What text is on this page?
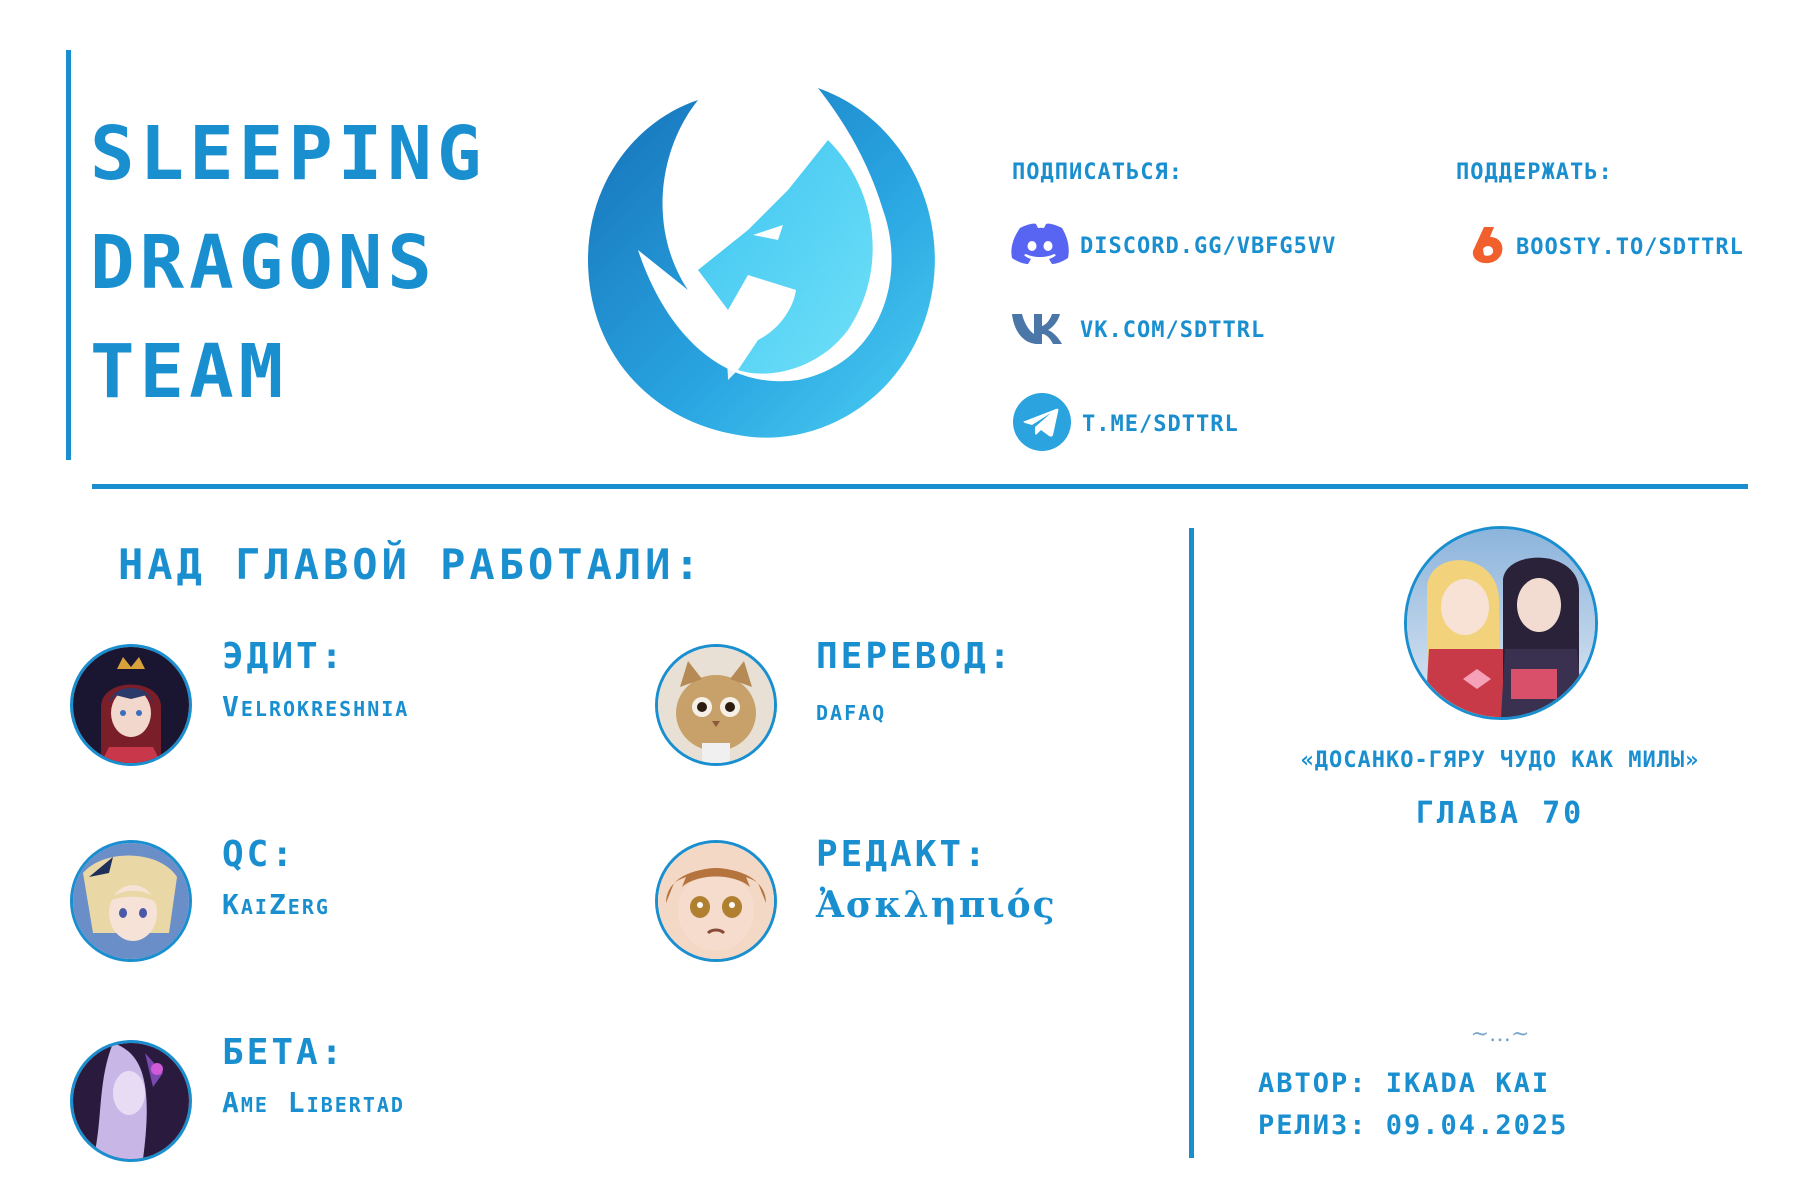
SLEEPING
DRAGONS
TEAM
ПОДПИСАТЬСЯ:	ПОДДЕРЖАТЬ:
DISCORD.GG/VBFG5VV
VK.COM/SDTTRL
T.ME/SDTTRL
BOOSTY.TO/SDTTRL
НАД ГЛАВОЙ РАБОТАЛИ:
ЭДИТ:
Velrokreshnia
ПЕРЕВОД:
dafaq
QC:
KaiZerg
РЕДАКТ:
Ἀσκληπιός
БЕТА:
Ame Libertad
«ДОСАНКО-ГЯРУ ЧУДО КАК МИЛЫ»
ГЛАВА 70
~…~
АВТОР: IKADA KAI
РЕЛИЗ: 09.04.2025
